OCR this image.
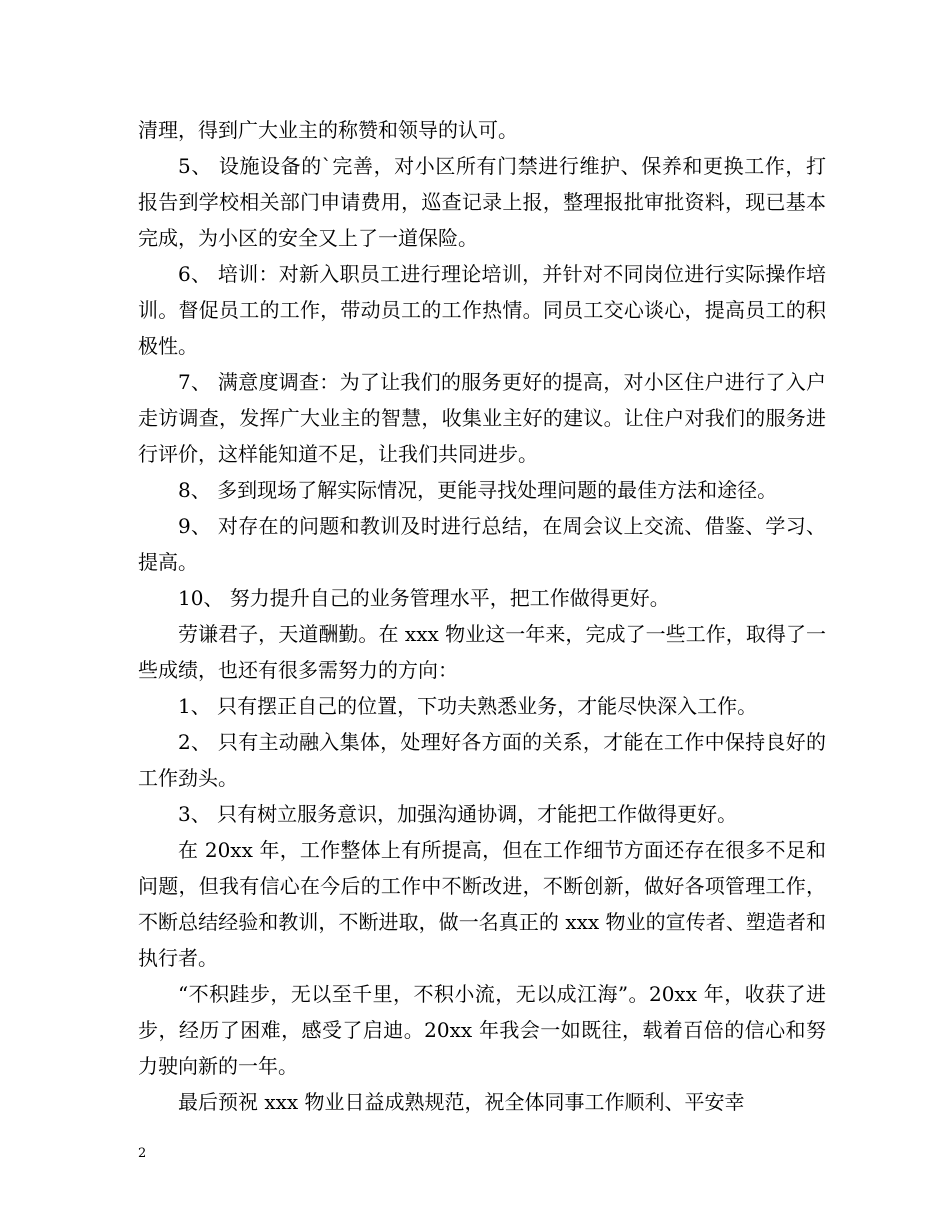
清理，得到广大业主的称赞和领导的认可。

5、 设施设备的`完善，对小区所有门禁进行维护、保养和更换工作，打报告到学校相关部门申请费用，巡查记录上报，整理报批审批资料，现已基本完成，为小区的安全又上了一道保险。

6、 培训：对新入职员工进行理论培训，并针对不同岗位进行实际操作培训。督促员工的工作，带动员工的工作热情。同员工交心谈心，提高员工的积极性。

7、 满意度调查：为了让我们的服务更好的提高，对小区住户进行了入户走访调查，发挥广大业主的智慧，收集业主好的建议。让住户对我们的服务进行评价，这样能知道不足，让我们共同进步。

8、 多到现场了解实际情况，更能寻找处理问题的最佳方法和途径。

9、 对存在的问题和教训及时进行总结，在周会议上交流、借鉴、学习、提高。

10、 努力提升自己的业务管理水平，把工作做得更好。

劳谦君子，天道酬勤。在 xxx 物业这一年来，完成了一些工作，取得了一些成绩，也还有很多需努力的方向：

1、 只有摆正自己的位置，下功夫熟悉业务，才能尽快深入工作。

2、 只有主动融入集体，处理好各方面的关系，才能在工作中保持良好的工作劲头。

3、 只有树立服务意识，加强沟通协调，才能把工作做得更好。

在 20xx 年，工作整体上有所提高，但在工作细节方面还存在很多不足和问题，但我有信心在今后的工作中不断改进，不断创新，做好各项管理工作，不断总结经验和教训，不断进取，做一名真正的 xxx 物业的宣传者、塑造者和执行者。

“不积跬步，无以至千里，不积小流，无以成江海”。20xx 年，收获了进步，经历了困难，感受了启迪。20xx 年我会一如既往，载着百倍的信心和努力驶向新的一年。

最后预祝 xxx 物业日益成熟规范，祝全体同事工作顺利、平安幸

2
